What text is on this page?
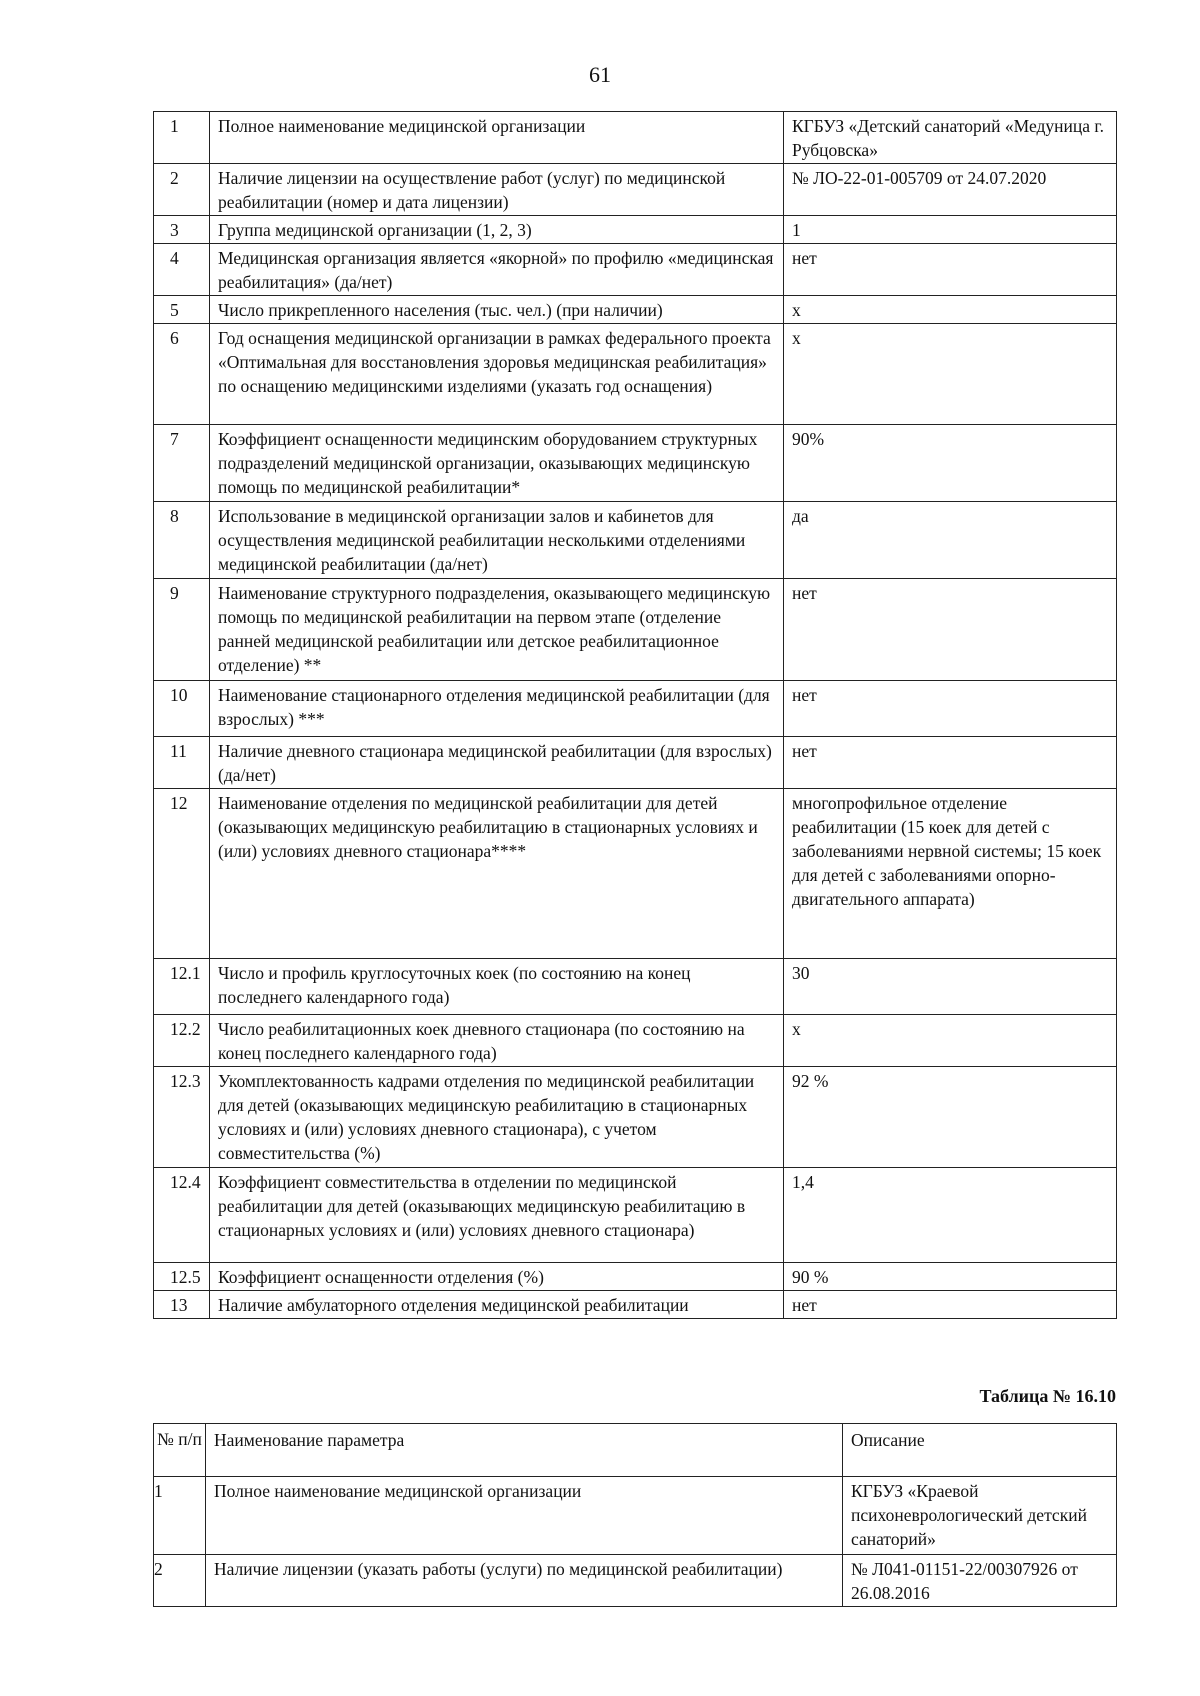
61
1	Полное наименование медицинской организации	КГБУЗ «Детский санаторий «Медуница г. Рубцовска»
2	Наличие лицензии на осуществление работ (услуг) по медицинской реабилитации (номер и дата лицензии)	№ ЛО-22-01-005709 от 24.07.2020
3	Группа медицинской организации (1, 2, 3)	1
4	Медицинская организация является «якорной» по профилю «медицинская реабилитация» (да/нет)	нет
5	Число прикрепленного населения (тыс. чел.) (при наличии)	х
6	Год оснащения медицинской организации в рамках федерального проекта «Оптимальная для восстановления здоровья медицинская реабилитация» по оснащению медицинскими изделиями (указать год оснащения)	х
7	Коэффициент оснащенности медицинским оборудованием структурных подразделений медицинской организации, оказывающих медицинскую помощь по медицинской реабилитации*	90%
8	Использование в медицинской организации залов и кабинетов для осуществления медицинской реабилитации несколькими отделениями медицинской реабилитации (да/нет)	да
9	Наименование структурного подразделения, оказывающего медицинскую помощь по медицинской реабилитации на первом этапе (отделение ранней медицинской реабилитации или детское реабилитационное отделение) **	нет
10	Наименование стационарного отделения медицинской реабилитации (для взрослых) ***	нет
11	Наличие дневного стационара медицинской реабилитации (для взрослых) (да/нет)	нет
12	Наименование отделения по медицинской реабилитации для детей (оказывающих медицинскую реабилитацию в стационарных условиях и (или) условиях дневного стационара****	многопрофильное отделение реабилитации (15 коек для детей с заболеваниями нервной системы; 15 коек для детей с заболеваниями опорно-двигательного аппарата)
12.1	Число и профиль круглосуточных коек (по состоянию на конец последнего календарного года)	30
12.2	Число реабилитационных коек дневного стационара (по состоянию на конец последнего календарного года)	х
12.3	Укомплектованность кадрами отделения по медицинской реабилитации для детей (оказывающих медицинскую реабилитацию в стационарных условиях и (или) условиях дневного стационара), с учетом совместительства (%)	92 %
12.4	Коэффициент совместительства в отделении по медицинской реабилитации для детей (оказывающих медицинскую реабилитацию в стационарных условиях и (или) условиях дневного стационара)	1,4
12.5	Коэффициент оснащенности отделения (%)	90 %
13	Наличие амбулаторного отделения медицинской реабилитации	нет
Таблица № 16.10
№ п/п	Наименование параметра	Описание
1	Полное наименование медицинской организации	КГБУЗ «Краевой психоневрологический детский санаторий»
2	Наличие лицензии (указать работы (услуги) по медицинской реабилитации)	№ Л041-01151-22/00307926 от 26.08.2016
